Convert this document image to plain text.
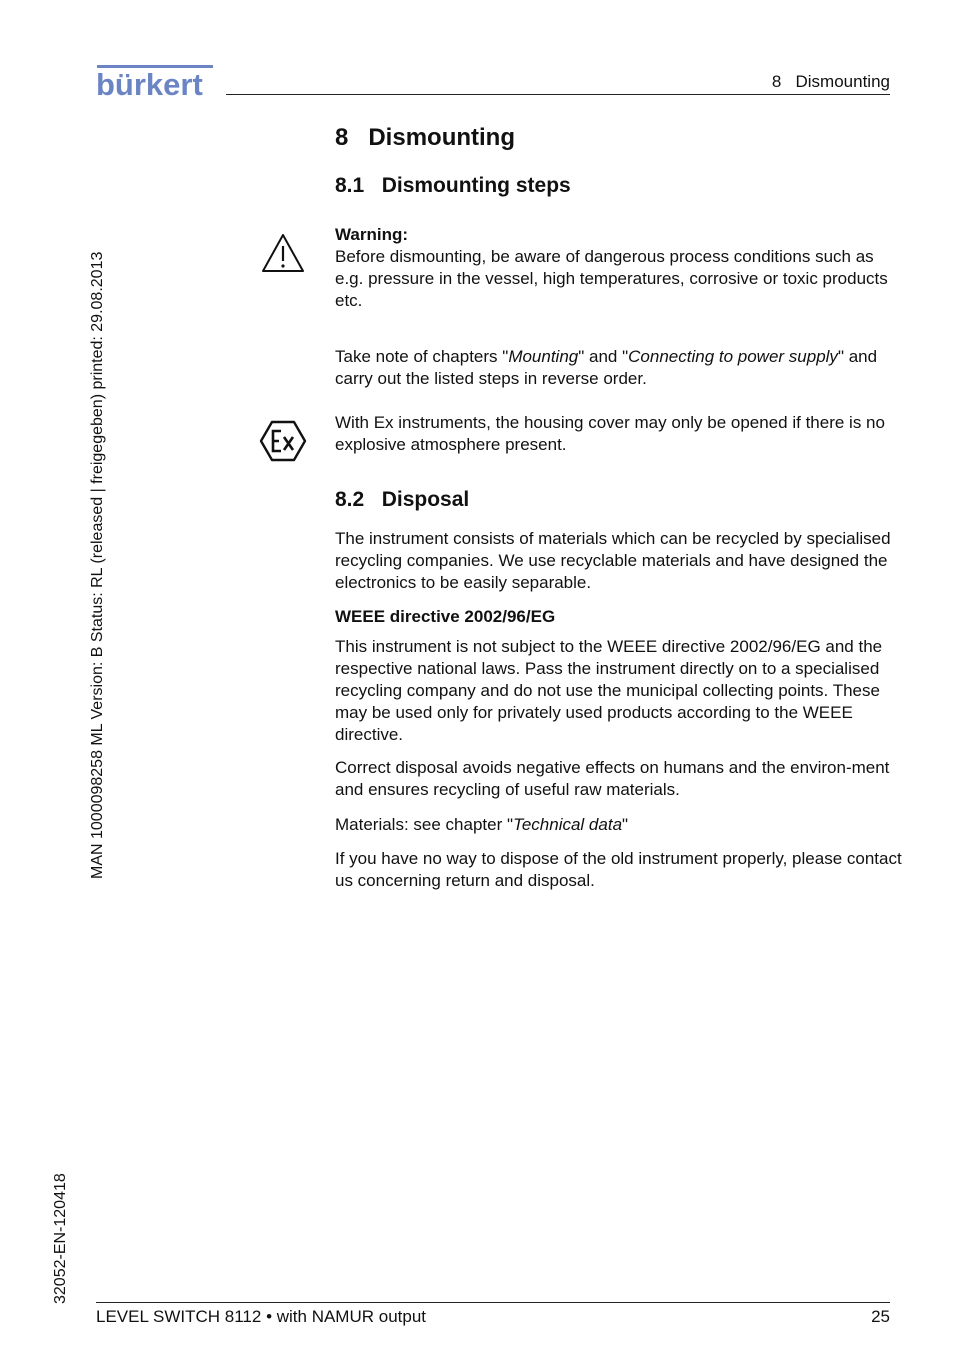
bürkert	8   Dismounting
MAN 1000098258 ML Version: B Status: RL (released | freigegeben) printed: 29.08.2013
32052-EN-120418
8   Dismounting
8.1   Dismounting steps

Warning:

Before dismounting, be aware of dangerous process conditions such as e.g. pressure in the vessel, high temperatures, corrosive or toxic products etc.

Take note of chapters "Mounting" and "Connecting to power supply" and carry out the listed steps in reverse order.

With Ex instruments, the housing cover may only be opened if there is no explosive atmosphere present.

8.2   Disposal

The instrument consists of materials which can be recycled by specialised recycling companies. We use recyclable materials and have designed the electronics to be easily separable.

WEEE directive 2002/96/EG

This instrument is not subject to the WEEE directive 2002/96/EG and the respective national laws. Pass the instrument directly on to a specialised recycling company and do not use the municipal collecting points. These may be used only for privately used products according to the WEEE directive.

Correct disposal avoids negative effects on humans and the environ-ment and ensures recycling of useful raw materials.

Materials: see chapter "Technical data"

If you have no way to dispose of the old instrument properly, please contact us concerning return and disposal.

LEVEL SWITCH 8112 • with NAMUR output	25
